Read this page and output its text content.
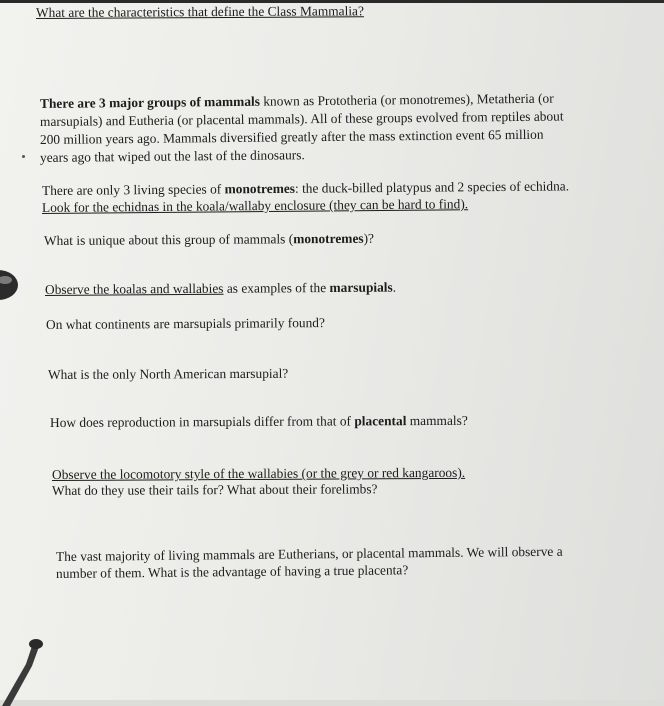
What are the characteristics that define the Class Mammalia?
There are 3 major groups of mammals known as Prototheria (or monotremes), Metatheria (or
marsupials) and Eutheria (or placental mammals). All of these groups evolved from reptiles about
200 million years ago. Mammals diversified greatly after the mass extinction event 65 million
years ago that wiped out the last of the dinosaurs.
There are only 3 living species of monotremes: the duck-billed platypus and 2 species of echidna.
Look for the echidnas in the koala/wallaby enclosure (they can be hard to find).
What is unique about this group of mammals (monotremes)?
Observe the koalas and wallabies as examples of the marsupials.
On what continents are marsupials primarily found?
What is the only North American marsupial?
How does reproduction in marsupials differ from that of placental mammals?
Observe the locomotory style of the wallabies (or the grey or red kangaroos).
What do they use their tails for? What about their forelimbs?
The vast majority of living mammals are Eutherians, or placental mammals. We will observe a
number of them. What is the advantage of having a true placenta?
